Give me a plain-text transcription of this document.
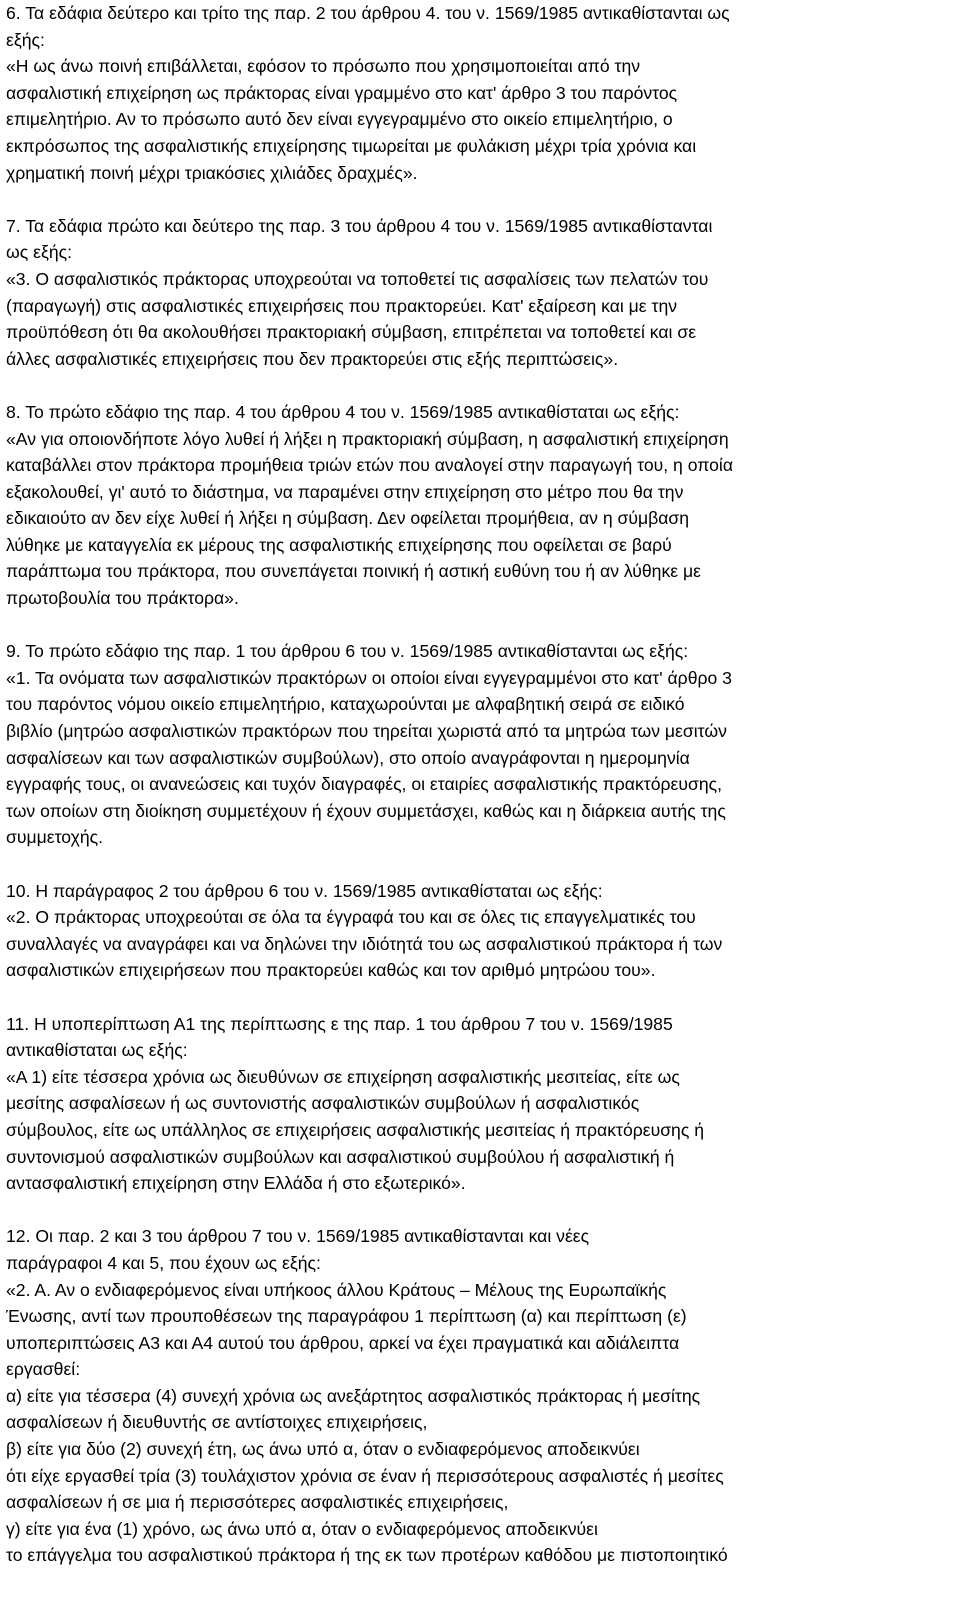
6. Τα εδάφια δεύτερο και τρίτο της παρ. 2 του άρθρου 4. του ν. 1569/1985 αντικαθίστανται ως
εξής:
«Η ως άνω ποινή επιβάλλεται, εφόσον το πρόσωπο που χρησιμοποιείται από την
ασφαλιστική επιχείρηση ως πράκτορας είναι γραμμένο στο κατ' άρθρο 3 του παρόντος
επιμελητήριο. Αν το πρόσωπο αυτό δεν είναι εγγεγραμμένο στο οικείο επιμελητήριο, ο
εκπρόσωπος της ασφαλιστικής επιχείρησης τιμωρείται με φυλάκιση μέχρι τρία χρόνια και
χρηματική ποινή μέχρι τριακόσιες χιλιάδες δραχμές».
7. Τα εδάφια πρώτο και δεύτερο της παρ. 3 του άρθρου 4 του ν. 1569/1985 αντικαθίστανται
ως εξής:
«3. Ο ασφαλιστικός πράκτορας υποχρεούται να τοποθετεί τις ασφαλίσεις των πελατών του
(παραγωγή) στις ασφαλιστικές επιχειρήσεις που πρακτορεύει. Κατ' εξαίρεση και με την
προϋπόθεση ότι θα ακολουθήσει πρακτοριακή σύμβαση, επιτρέπεται να τοποθετεί και σε
άλλες ασφαλιστικές επιχειρήσεις που δεν πρακτορεύει στις εξής περιπτώσεις».
8. Το πρώτο εδάφιο της παρ. 4 του άρθρου 4 του ν. 1569/1985 αντικαθίσταται ως εξής:
«Αν για οποιονδήποτε λόγο λυθεί ή λήξει η πρακτοριακή σύμβαση, η ασφαλιστική επιχείρηση
καταβάλλει στον πράκτορα προμήθεια τριών ετών που αναλογεί στην παραγωγή του, η οποία
εξακολουθεί, γι' αυτό το διάστημα, να παραμένει στην επιχείρηση στο μέτρο που θα την
εδικαιούτο αν δεν είχε λυθεί ή λήξει η σύμβαση. Δεν οφείλεται προμήθεια, αν η σύμβαση
λύθηκε με καταγγελία εκ μέρους της ασφαλιστικής επιχείρησης που οφείλεται σε βαρύ
παράπτωμα του πράκτορα, που συνεπάγεται ποινική ή αστική ευθύνη του ή αν λύθηκε με
πρωτοβουλία του πράκτορα».
9. Το πρώτο εδάφιο της παρ. 1 του άρθρου 6 του ν. 1569/1985 αντικαθίστανται ως εξής:
«1. Τα ονόματα των ασφαλιστικών πρακτόρων οι οποίοι είναι εγγεγραμμένοι στο κατ' άρθρο 3
του παρόντος νόμου οικείο επιμελητήριο, καταχωρούνται με αλφαβητική σειρά σε ειδικό
βιβλίο (μητρώο ασφαλιστικών πρακτόρων που τηρείται χωριστά από τα μητρώα των μεσιτών
ασφαλίσεων και των ασφαλιστικών συμβούλων), στο οποίο αναγράφονται η ημερομηνία
εγγραφής τους, οι ανανεώσεις και τυχόν διαγραφές, οι εταιρίες ασφαλιστικής πρακτόρευσης,
των οποίων στη διοίκηση συμμετέχουν ή έχουν συμμετάσχει, καθώς και η διάρκεια αυτής της
συμμετοχής.
10. Η παράγραφος 2 του άρθρου 6 του ν. 1569/1985 αντικαθίσταται ως εξής:
«2. Ο πράκτορας υποχρεούται σε όλα τα έγγραφά του και σε όλες τις επαγγελματικές του
συναλλαγές να αναγράφει και να δηλώνει την ιδιότητά του ως ασφαλιστικού πράκτορα ή των
ασφαλιστικών επιχειρήσεων που πρακτορεύει καθώς και τον αριθμό μητρώου του».
11. Η υποπερίπτωση Α1 της περίπτωσης ε της παρ. 1 του άρθρου 7 του ν. 1569/1985
αντικαθίσταται ως εξής:
«Α 1) είτε τέσσερα χρόνια ως διευθύνων σε επιχείρηση ασφαλιστικής μεσιτείας, είτε ως
μεσίτης ασφαλίσεων ή ως συντονιστής ασφαλιστικών συμβούλων ή ασφαλιστικός
σύμβουλος, είτε ως υπάλληλος σε επιχειρήσεις ασφαλιστικής μεσιτείας ή πρακτόρευσης ή
συντονισμού ασφαλιστικών συμβούλων και ασφαλιστικού συμβούλου ή ασφαλιστική ή
αντασφαλιστική επιχείρηση στην Ελλάδα ή στο εξωτερικό».
12. Οι παρ. 2 και 3 του άρθρου 7 του ν. 1569/1985 αντικαθίστανται και νέες
παράγραφοι 4 και 5, που έχουν ως εξής:
«2. Α. Αν ο ενδιαφερόμενος είναι υπήκοος άλλου Κράτους – Μέλους της Ευρωπαϊκής
Ένωσης, αντί των προυποθέσεων της παραγράφου 1 περίπτωση (α) και περίπτωση (ε)
υποπεριπτώσεις Α3 και Α4 αυτού του άρθρου, αρκεί να έχει πραγματικά και αδιάλειπτα
εργασθεί:
α) είτε για τέσσερα (4) συνεχή χρόνια ως ανεξάρτητος ασφαλιστικός πράκτορας ή μεσίτης
ασφαλίσεων ή διευθυντής σε αντίστοιχες επιχειρήσεις,
β) είτε για δύο (2) συνεχή έτη, ως άνω υπό α, όταν ο ενδιαφερόμενος αποδεικνύει
ότι είχε εργασθεί τρία (3) τουλάχιστον χρόνια σε έναν ή περισσότερους ασφαλιστές ή μεσίτες
ασφαλίσεων ή σε μια ή περισσότερες ασφαλιστικές επιχειρήσεις,
γ) είτε για ένα (1) χρόνο, ως άνω υπό α, όταν ο ενδιαφερόμενος αποδεικνύει
το επάγγελμα του ασφαλιστικού πράκτορα ή της εκ των προτέρων καθόδου με πιστοποιητικό
